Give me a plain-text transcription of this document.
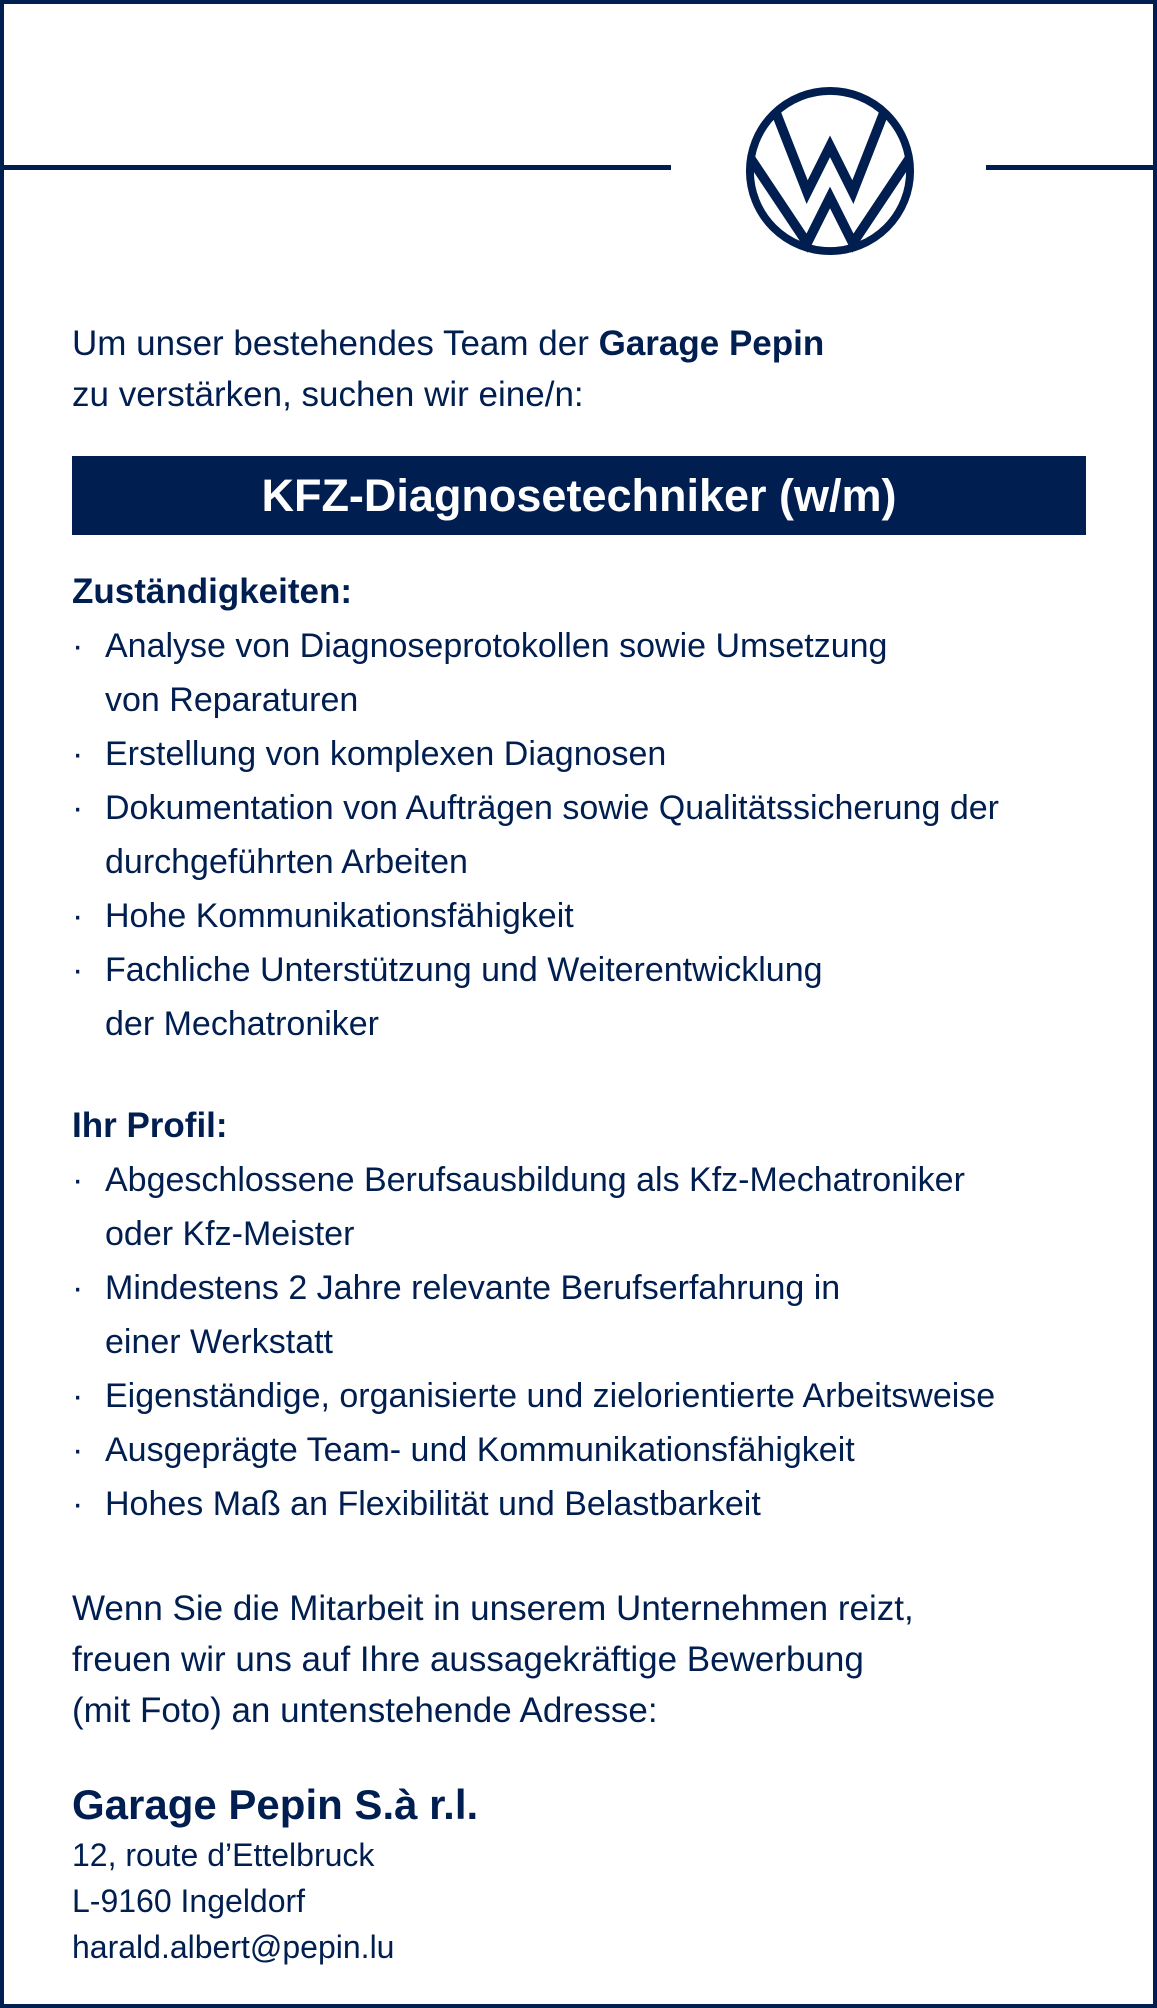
Um unser bestehendes Team der Garage Pepin
zu verstärken, suchen wir eine/n:

KFZ-Diagnosetechniker (w/m)
Zuständigkeiten:
· Analyse von Diagnoseprotokollen sowie Umsetzung
von Reparaturen
· Erstellung von komplexen Diagnosen
· Dokumentation von Aufträgen sowie Qualitätssicherung der
durchgeführten Arbeiten
· Hohe Kommunikationsfähigkeit
· Fachliche Unterstützung und Weiterentwicklung
der Mechatroniker
Ihr Profil:
· Abgeschlossene Berufsausbildung als Kfz-Mechatroniker
oder Kfz-Meister
· Mindestens 2 Jahre relevante Berufserfahrung in
einer Werkstatt
· Eigenständige, organisierte und zielorientierte Arbeitsweise
· Ausgeprägte Team- und Kommunikationsfähigkeit
· Hohes Maß an Flexibilität und Belastbarkeit
Wenn Sie die Mitarbeit in unserem Unternehmen reizt,
freuen wir uns auf Ihre aussagekräftige Bewerbung
(mit Foto) an untenstehende Adresse:
Garage Pepin S.à r.l.
12, route d’Ettelbruck
L-9160 Ingeldorf
harald.albert@pepin.lu
